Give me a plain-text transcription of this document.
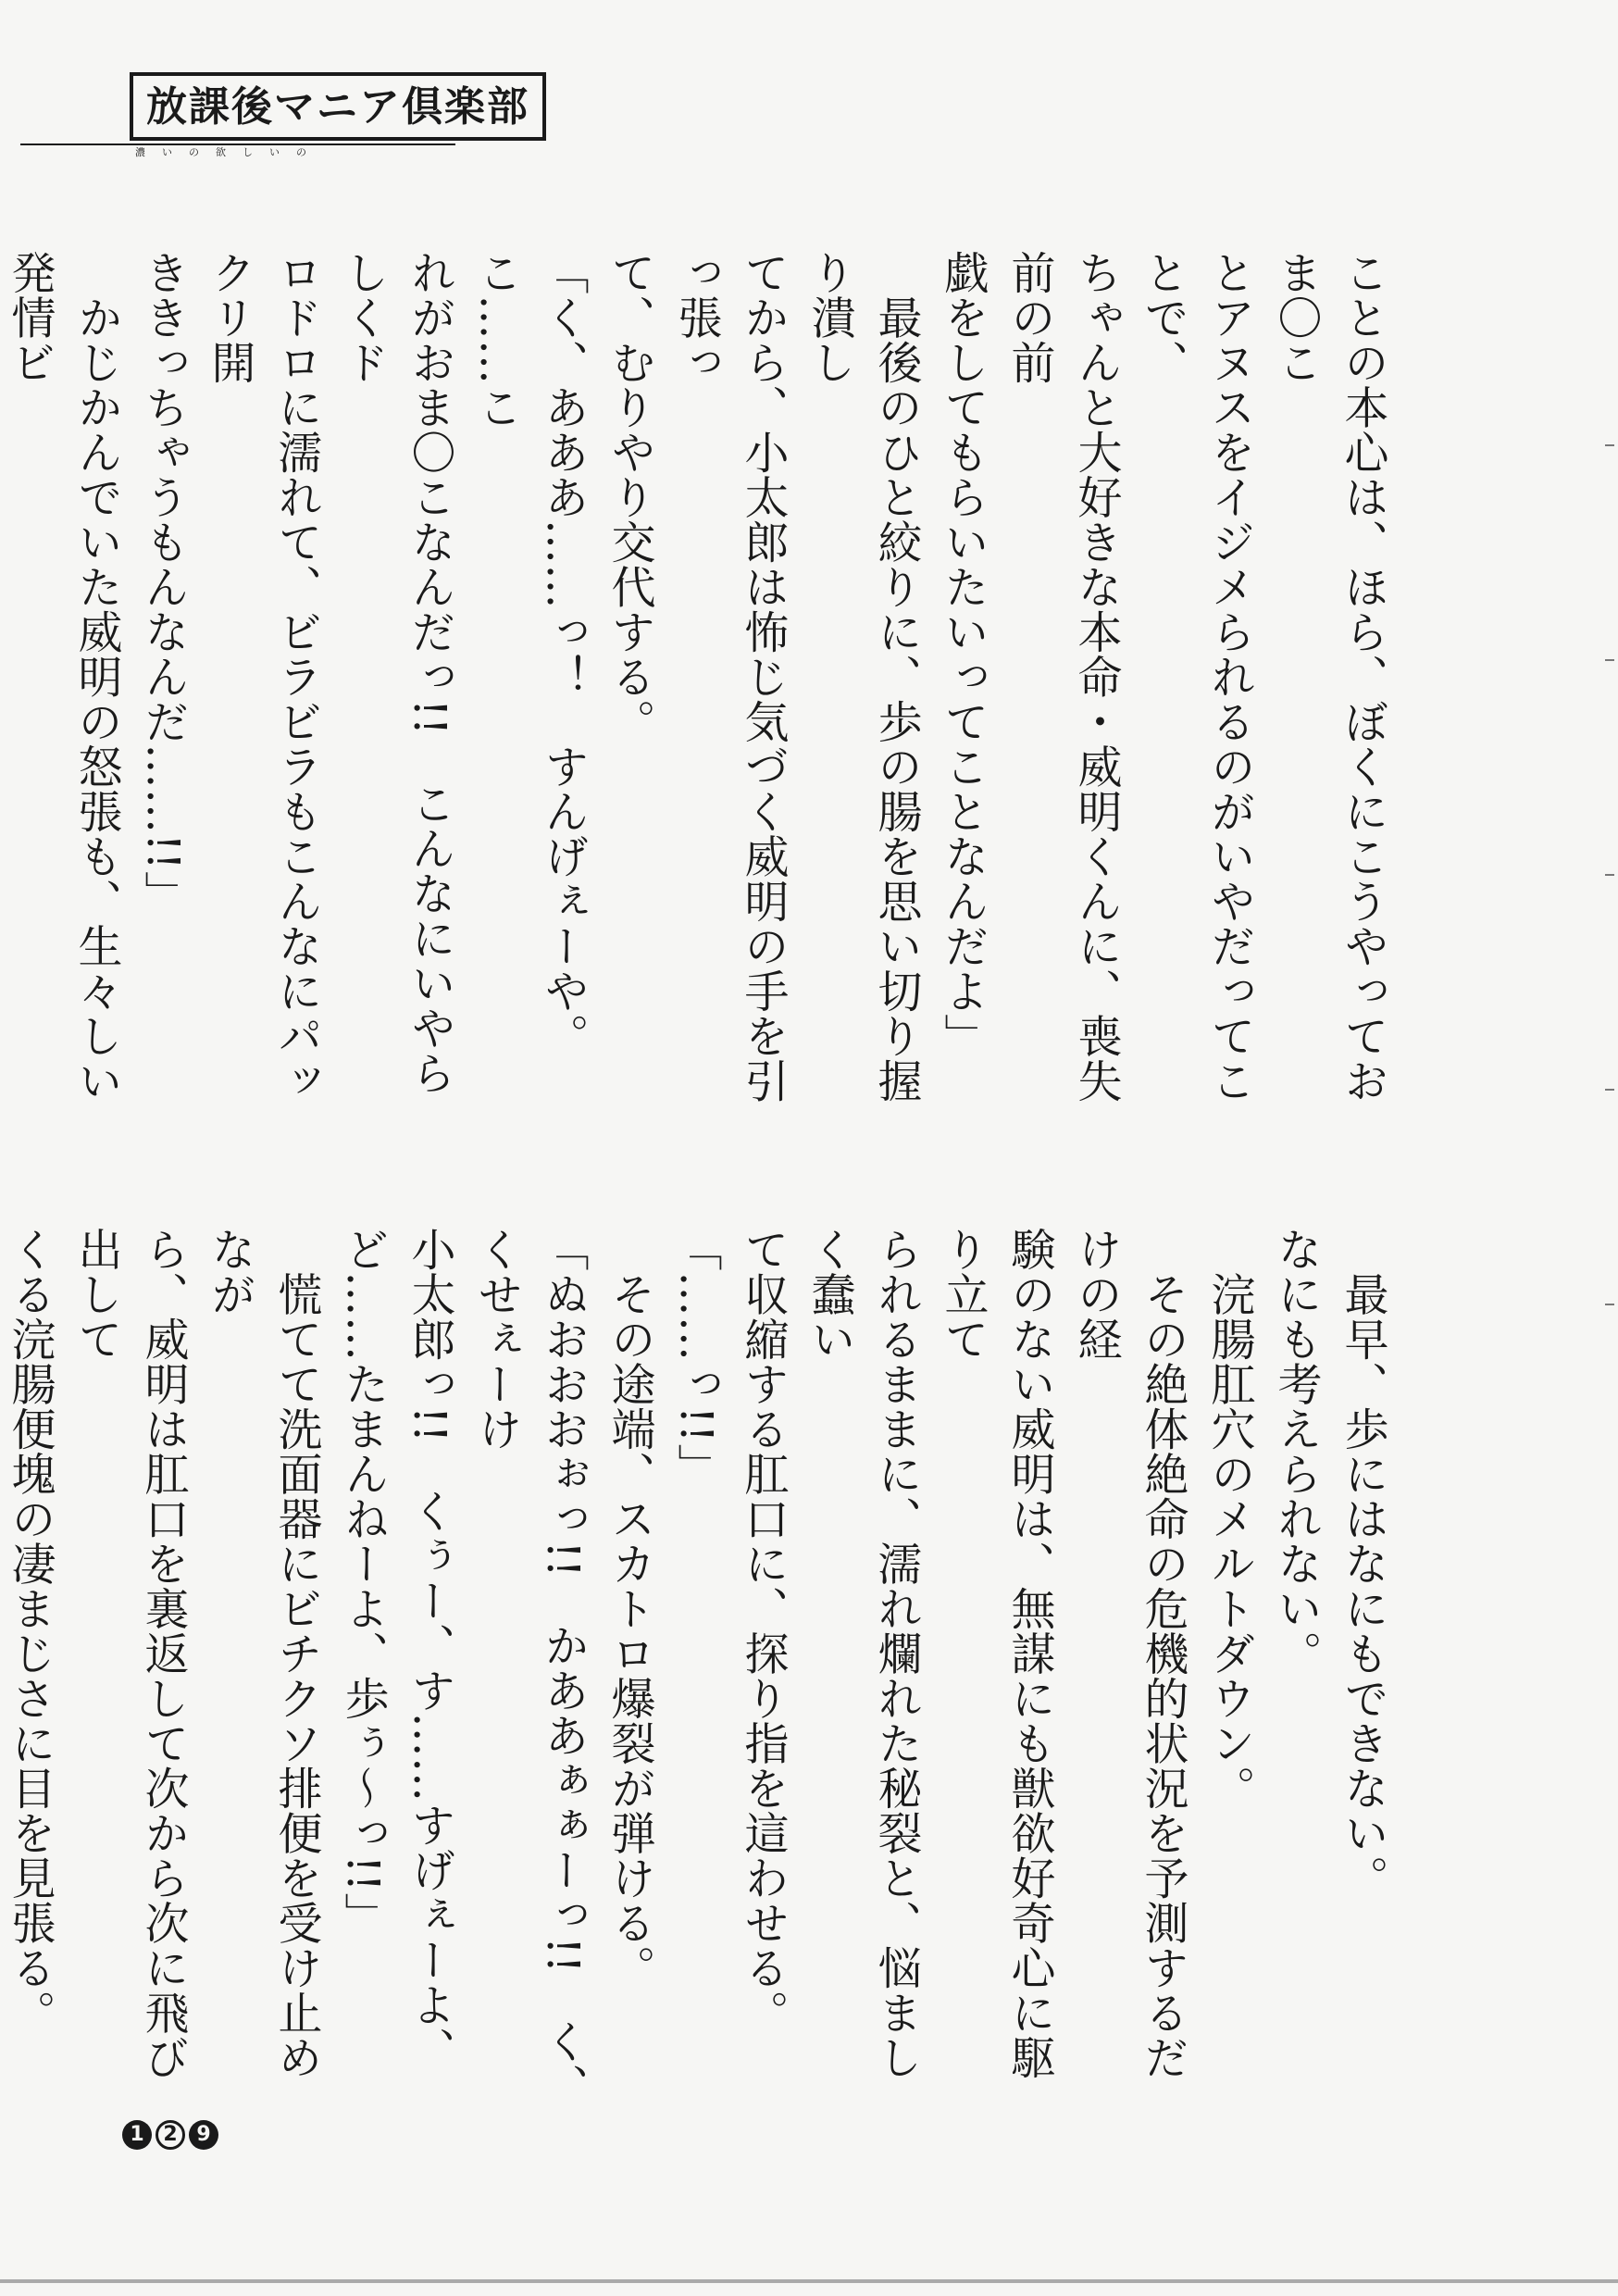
放課後マニア倶楽部
濃いの欲しいの

ことの本心は、ほら、ぼくにこうやっておま〇こ

とアヌスをイジメられるのがいやだってことで、

ちゃんと大好きな本命・威明くんに、喪失前の前

戯をしてもらいたいってことなんだよ」

　最後のひと絞りに、歩の腸を思い切り握り潰し

てから、小太郎は怖じ気づく威明の手を引っ張っ

て、むりやり交代する。

「く、あああ……っ！　すんげぇーや。こ……こ

れがおま〇こなんだっ!!　こんなにいやらしくド

ロドロに濡れて、ビラビラもこんなにパックリ開

ききっちゃうもんなんだ……!!」

　かじかんでいた威明の怒張も、生々しい発情ビ

　最早、歩にはなにもできない。

なにも考えられない。

　浣腸肛穴のメルトダウン。

　その絶体絶命の危機的状況を予測するだけの経

験のない威明は、無謀にも獣欲好奇心に駆り立て

られるままに、濡れ爛れた秘裂と、悩ましく蠢い

て収縮する肛口に、探り指を這わせる。

「……っ!!」

　その途端、スカトロ爆裂が弾ける。

「ぬおおおぉっ!!　かああぁぁーっ!!　く、くせぇーけ

小太郎っ!!　くぅー、す……すげぇーよ、

ど……たまんねーよ、歩ぅ～っ!!」

　慌てて洗面器にビチクソ排便を受け止めなが

ら、威明は肛口を裏返して次から次に飛び出して

くる浣腸便塊の凄まじさに目を見張る。

1 2 9
